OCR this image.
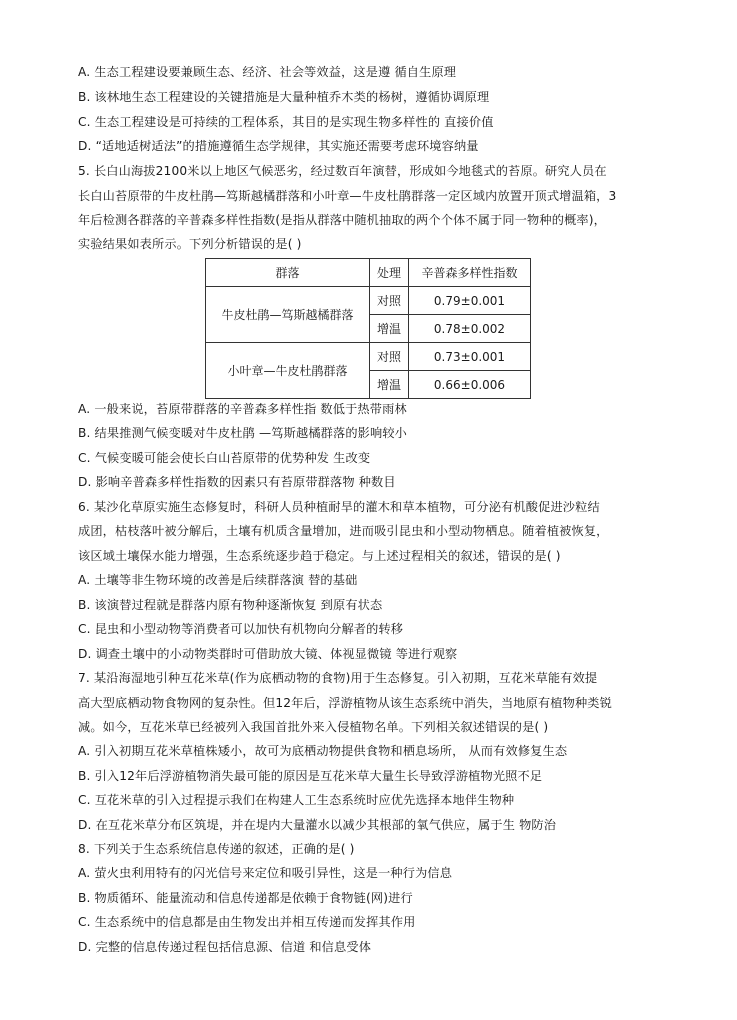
A. 生态工程建设要兼顾生态、经济、社会等效益，这是遵 循自生原理
B. 该林地生态工程建设的关键措施是大量种植乔木类的杨树，遵循协调原理
C. 生态工程建设是可持续的工程体系，其目的是实现生物多样性的 直接价值
D. “适地适树适法”的措施遵循生态学规律，其实施还需要考虑环境容纳量
5. 长白山海拔2100米以上地区气候恶劣，经过数百年演替，形成如今地毯式的苔原。研究人员在
长白山苔原带的牛皮杜鹃—笃斯越橘群落和小叶章—牛皮杜鹃群落一定区域内放置开顶式增温箱，3
年后检测各群落的辛普森多样性指数(是指从群落中随机抽取的两个个体不属于同一物种的概率)，
实验结果如表所示。下列分析错误的是( )
群落	处理	辛普森多样性指数
牛皮杜鹃—笃斯越橘群落	对照	0.79±0.001
	增温	0.78±0.002
小叶章—牛皮杜鹃群落	对照	0.73±0.001
	增温	0.66±0.006
A. 一般来说，苔原带群落的辛普森多样性指 数低于热带雨林
B. 结果推测气候变暖对牛皮杜鹃 —笃斯越橘群落的影响较小
C. 气候变暖可能会使长白山苔原带的优势种发 生改变
D. 影响辛普森多样性指数的因素只有苔原带群落物 种数目
6. 某沙化草原实施生态修复时，科研人员种植耐旱的灌木和草本植物，可分泌有机酸促进沙粒结
成团，枯枝落叶被分解后，土壤有机质含量增加，进而吸引昆虫和小型动物栖息。随着植被恢复，
该区域土壤保水能力增强，生态系统逐步趋于稳定。与上述过程相关的叙述，错误的是( )
A. 土壤等非生物环境的改善是后续群落演 替的基础
B. 该演替过程就是群落内原有物种逐渐恢复 到原有状态
C. 昆虫和小型动物等消费者可以加快有机物向分解者的转移
D. 调查土壤中的小动物类群时可借助放大镜、体视显微镜 等进行观察
7. 某沿海湿地引种互花米草(作为底栖动物的食物)用于生态修复。引入初期，互花米草能有效提
高大型底栖动物食物网的复杂性。但12年后，浮游植物从该生态系统中消失，当地原有植物种类锐
减。如今，互花米草已经被列入我国首批外来入侵植物名单。下列相关叙述错误的是( )
A. 引入初期互花米草植株矮小，故可为底栖动物提供食物和栖息场所， 从而有效修复生态
B. 引入12年后浮游植物消失最可能的原因是互花米草大量生长导致浮游植物光照不足
C. 互花米草的引入过程提示我们在构建人工生态系统时应优先选择本地伴生物种
D. 在互花米草分布区筑堤，并在堤内大量灌水以减少其根部的氧气供应，属于生 物防治
8. 下列关于生态系统信息传递的叙述，正确的是( )
A. 萤火虫利用特有的闪光信号来定位和吸引异性，这是一种行为信息
B. 物质循环、能量流动和信息传递都是依赖于食物链(网)进行
C. 生态系统中的信息都是由生物发出并相互传递而发挥其作用
D. 完整的信息传递过程包括信息源、信道 和信息受体
